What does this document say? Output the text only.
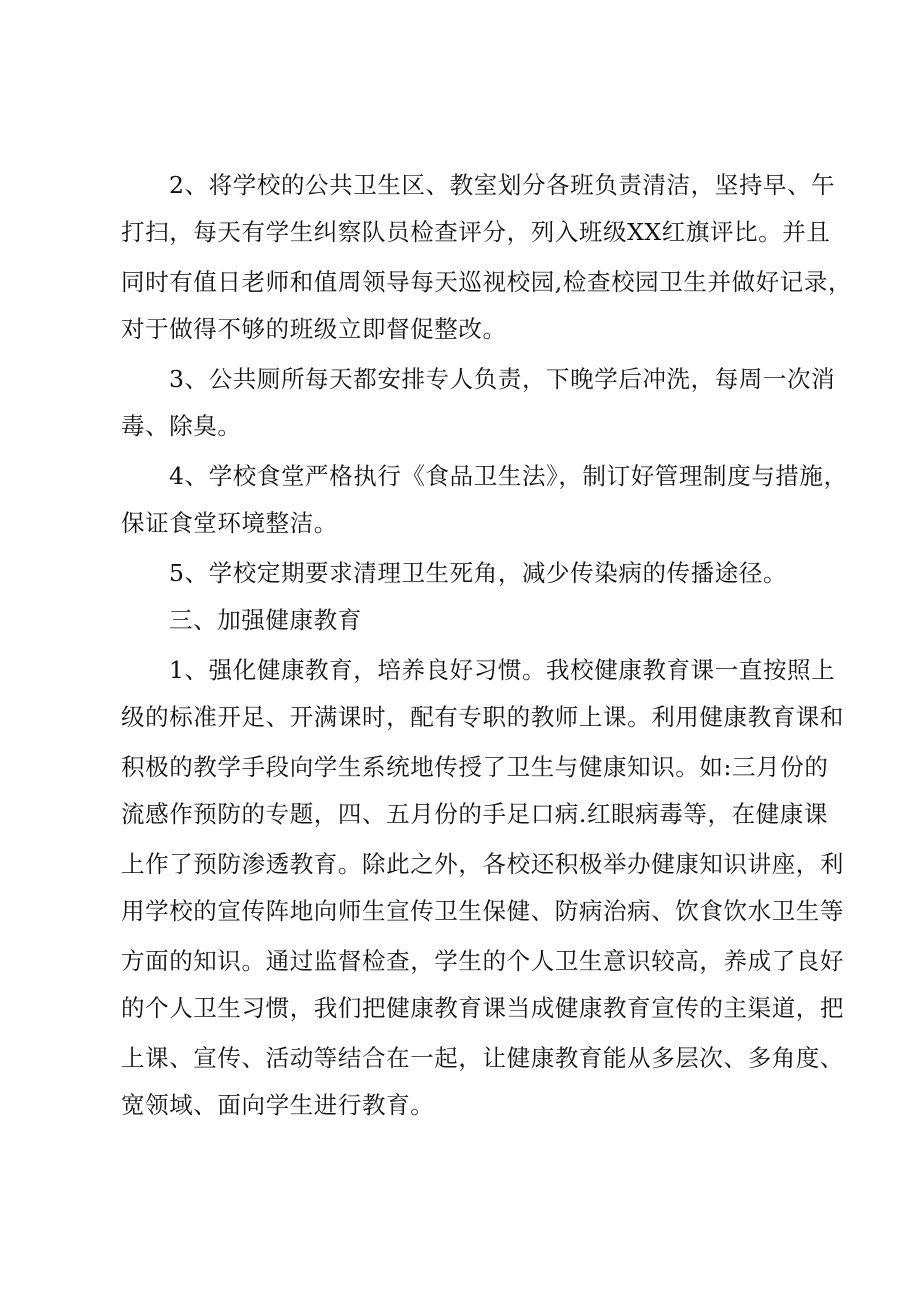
2、将学校的公共卫生区、教室划分各班负责清洁，坚持早、午
打扫，每天有学生纠察队员检查评分，列入班级XX红旗评比。并且
同时有值日老师和值周领导每天巡视校园,检查校园卫生并做好记录，
对于做得不够的班级立即督促整改。
3、公共厕所每天都安排专人负责，下晚学后冲洗，每周一次消
毒、除臭。
4、学校食堂严格执行《食品卫生法》，制订好管理制度与措施，
保证食堂环境整洁。
5、学校定期要求清理卫生死角，减少传染病的传播途径。
三、加强健康教育
1、强化健康教育，培养良好习惯。我校健康教育课一直按照上
级的标准开足、开满课时，配有专职的教师上课。利用健康教育课和
积极的教学手段向学生系统地传授了卫生与健康知识。如:三月份的
流感作预防的专题，四、五月份的手足口病.红眼病毒等，在健康课
上作了预防渗透教育。除此之外，各校还积极举办健康知识讲座，利
用学校的宣传阵地向师生宣传卫生保健、防病治病、饮食饮水卫生等
方面的知识。通过监督检查，学生的个人卫生意识较高，养成了良好
的个人卫生习惯，我们把健康教育课当成健康教育宣传的主渠道，把
上课、宣传、活动等结合在一起，让健康教育能从多层次、多角度、
宽领域、面向学生进行教育。
